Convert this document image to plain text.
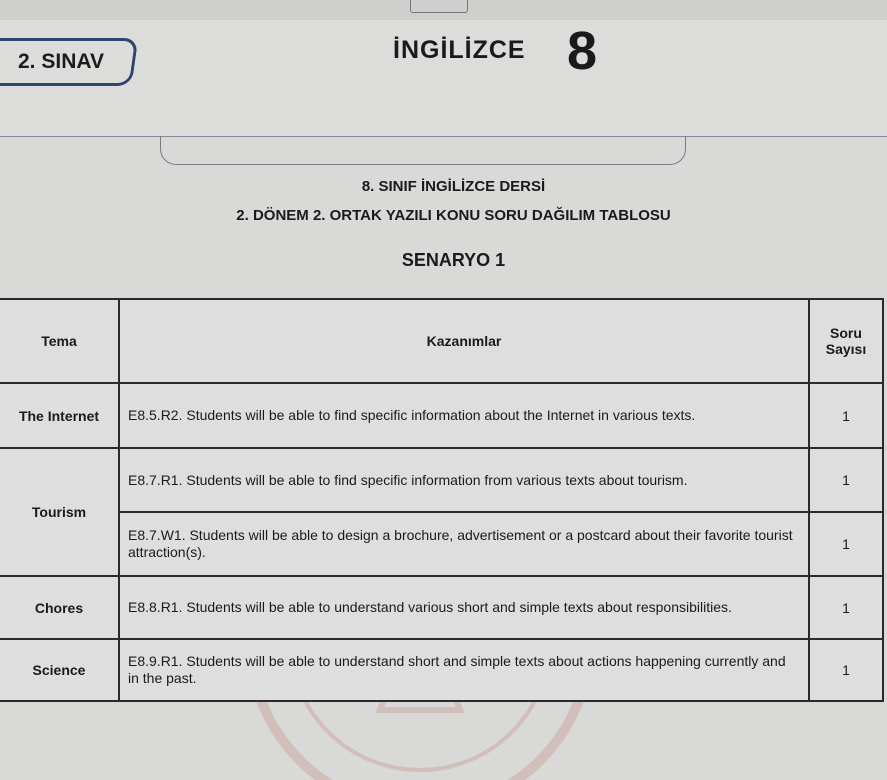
2. SINAV	İNGİLİZCE 8
8. SINIF İNGİLİZCE DERSİ
2. DÖNEM 2. ORTAK YAZILI KONU SORU DAĞILIM TABLOSU
SENARYO 1
Tema	Kazanımlar	Soru Sayısı
The Internet	E8.5.R2. Students will be able to find specific information about the Internet in various texts.	1
Tourism	E8.7.R1. Students will be able to find specific information from various texts about tourism.	1
	E8.7.W1. Students will be able to design a brochure, advertisement or a postcard about their favorite tourist attraction(s).	1
Chores	E8.8.R1. Students will be able to understand various short and simple texts about responsibilities.	1
Science	E8.9.R1. Students will be able to understand short and simple texts about actions happening currently and in the past.	1
